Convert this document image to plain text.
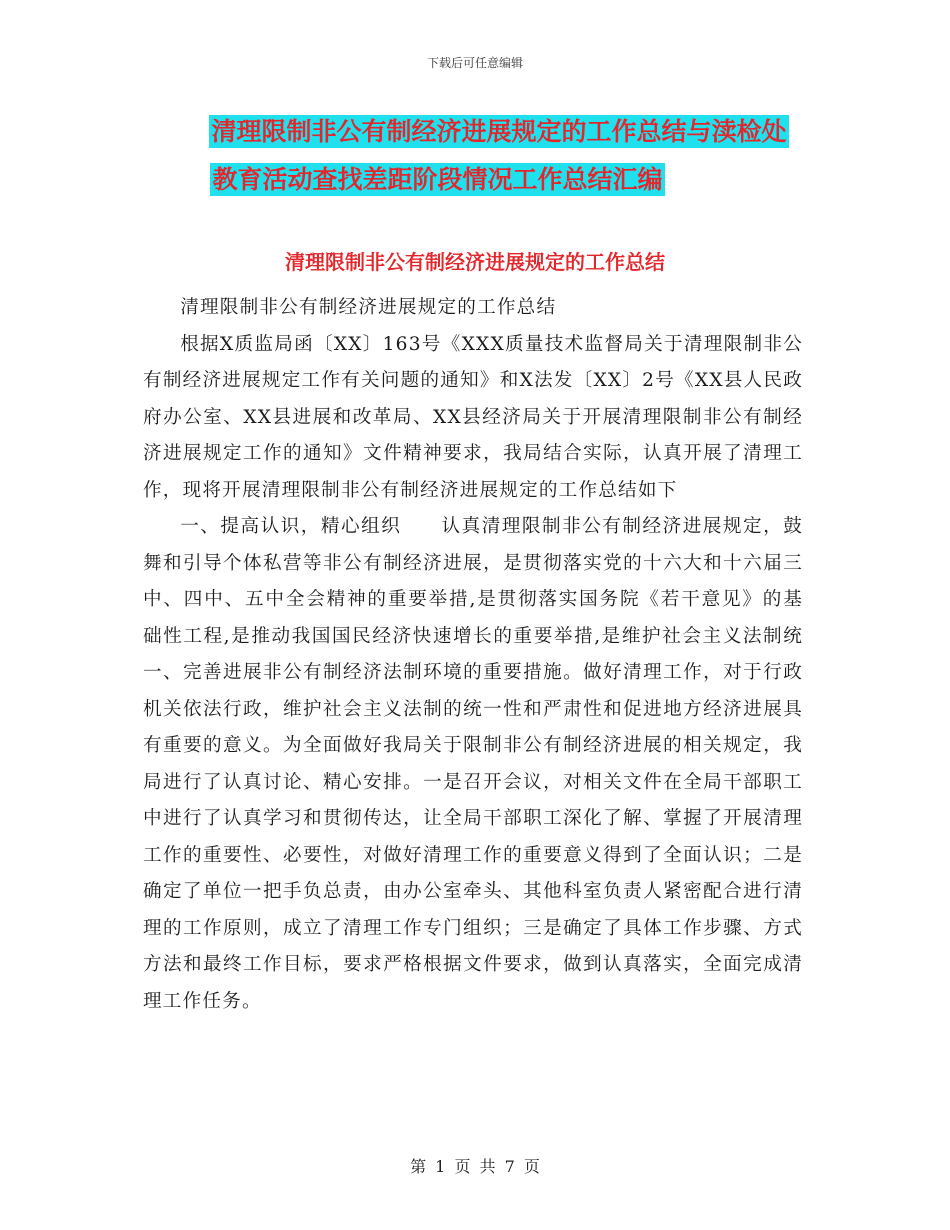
下载后可任意编辑
清理限制非公有制经济进展规定的工作总结与渎检处
教育活动查找差距阶段情况工作总结汇编
清理限制非公有制经济进展规定的工作总结

清理限制非公有制经济进展规定的工作总结

根据X质监局函〔XX〕163号《XXX质量技术监督局关于清理限制非公有制经济进展规定工作有关问题的通知》和X法发〔XX〕2号《XX县人民政府办公室、XX县进展和改革局、XX县经济局关于开展清理限制非公有制经济进展规定工作的通知》文件精神要求，我局结合实际，认真开展了清理工作，现将开展清理限制非公有制经济进展规定的工作总结如下

一、提高认识，精心组织　　认真清理限制非公有制经济进展规定，鼓舞和引导个体私营等非公有制经济进展，是贯彻落实党的十六大和十六届三中、四中、五中全会精神的重要举措,是贯彻落实国务院《若干意见》的基础性工程,是推动我国国民经济快速增长的重要举措,是维护社会主义法制统一、完善进展非公有制经济法制环境的重要措施。做好清理工作，对于行政机关依法行政，维护社会主义法制的统一性和严肃性和促进地方经济进展具有重要的意义。为全面做好我局关于限制非公有制经济进展的相关规定，我局进行了认真讨论、精心安排。一是召开会议，对相关文件在全局干部职工中进行了认真学习和贯彻传达，让全局干部职工深化了解、掌握了开展清理工作的重要性、必要性，对做好清理工作的重要意义得到了全面认识；二是确定了单位一把手负总责，由办公室牵头、其他科室负责人紧密配合进行清理的工作原则，成立了清理工作专门组织；三是确定了具体工作步骤、方式方法和最终工作目标，要求严格根据文件要求，做到认真落实，全面完成清理工作任务。

第 1 页 共 7 页
